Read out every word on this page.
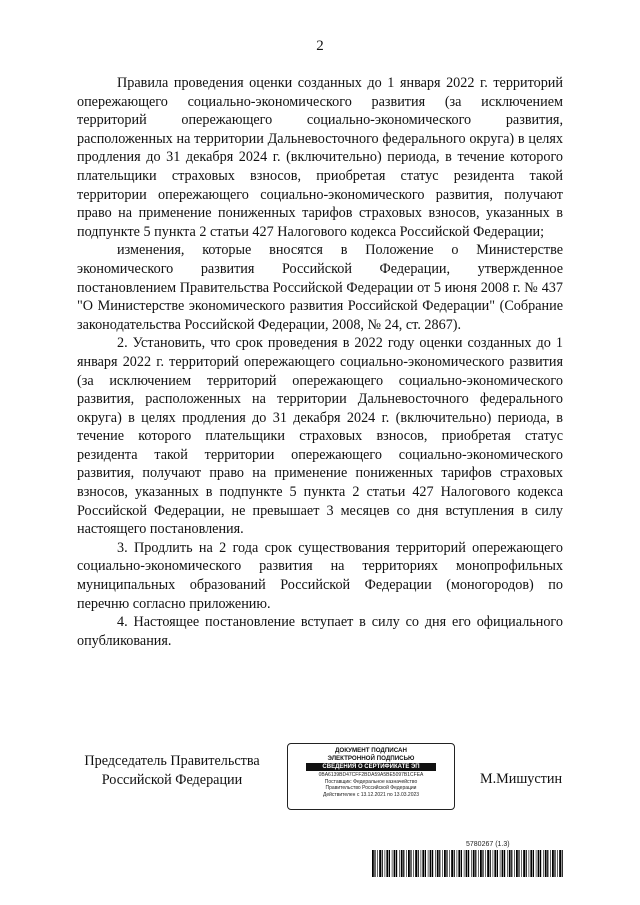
2

Правила проведения оценки созданных до 1 января 2022 г. территорий опережающего социально-экономического развития (за исключением территорий опережающего социально-экономического развития, расположенных на территории Дальневосточного федерального округа) в целях продления до 31 декабря 2024 г. (включительно) периода, в течение которого плательщики страховых взносов, приобретая статус резидента такой территории опережающего социально-экономического развития, получают право на применение пониженных тарифов страховых взносов, указанных в подпункте 5 пункта 2 статьи 427 Налогового кодекса Российской Федерации;

изменения, которые вносятся в Положение о Министерстве экономического развития Российской Федерации, утвержденное постановлением Правительства Российской Федерации от 5 июня 2008 г. № 437 "О Министерстве экономического развития Российской Федерации" (Собрание законодательства Российской Федерации, 2008, № 24, ст. 2867).

2. Установить, что срок проведения в 2022 году оценки созданных до 1 января 2022 г. территорий опережающего социально-экономического развития (за исключением территорий опережающего социально-экономического развития, расположенных на территории Дальневосточного федерального округа) в целях продления до 31 декабря 2024 г. (включительно) периода, в течение которого плательщики страховых взносов, приобретая статус резидента такой территории опережающего социально-экономического развития, получают право на применение пониженных тарифов страховых взносов, указанных в подпункте 5 пункта 2 статьи 427 Налогового кодекса Российской Федерации, не превышает 3 месяцев со дня вступления в силу настоящего постановления.

3. Продлить на 2 года срок существования территорий опережающего социально-экономического развития на территориях монопрофильных муниципальных образований Российской Федерации (моногородов) по перечню согласно приложению.

4. Настоящее постановление вступает в силу со дня его официального опубликования.

Председатель Правительства
Российской Федерации
ДОКУМЕНТ ПОДПИСАН
ЭЛЕКТРОННОЙ ПОДПИСЬЮ
СВЕДЕНИЯ О СЕРТИФИКАТЕ ЭП
0BA6139BD47CFF2BDA59A5BE5097B1CFEA
Поставщик: Федеральное казначейство
Правительство Российской Федерации
Действителен с 13.12.2021 по 13.03.2023
М.Мишустин
5780267 (1.3)
